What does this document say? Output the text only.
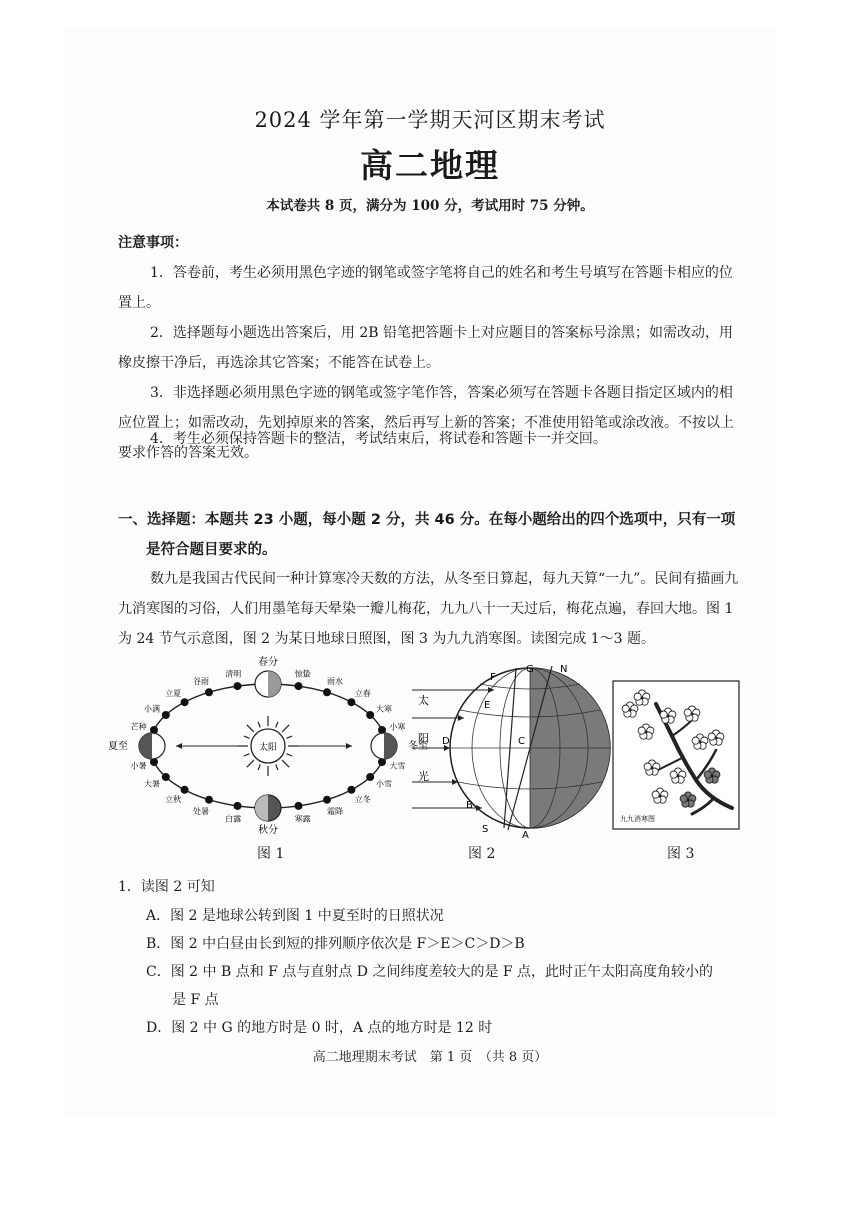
2024 学年第一学期天河区期末考试
高二地理
本试卷共 8 页，满分为 100 分，考试用时 75 分钟。
注意事项：
1．答卷前，考生必须用黑色字迹的钢笔或签字笔将自己的姓名和考生号填写在答题卡相应的位置上。
2．选择题每小题选出答案后，用 2B 铅笔把答题卡上对应题目的答案标号涂黑；如需改动，用橡皮擦干净后，再选涂其它答案；不能答在试卷上。
3．非选择题必须用黑色字迹的钢笔或签字笔作答，答案必须写在答题卡各题目指定区域内的相应位置上；如需改动，先划掉原来的答案，然后再写上新的答案；不准使用铅笔或涂改液。不按以上要求作答的答案无效。
4．考生必须保持答题卡的整洁，考试结束后，将试卷和答题卡一并交回。
一、选择题：本题共 23 小题，每小题 2 分，共 46 分。在每小题给出的四个选项中，只有一项
是符合题目要求的。
数九是我国古代民间一种计算寒冷天数的方法，从冬至日算起，每九天算“一九”。民间有描画九九消寒图的习俗，人们用墨笔每天晕染一瓣儿梅花，九九八十一天过后，梅花点遍，春回大地。图 1 为 24 节气示意图，图 2 为某日地球日照图，图 3 为九九消寒图。读图完成 1～3 题。
太阳
春分
清明
谷雨
立夏
小满
芒种
夏至
小暑
大暑
立秋
处暑
白露
秋分
寒露
霜降
立冬
小雪
大雪
冬至
小寒
大寒
立春
雨水
惊蛰
图 1
太
阳
光
G	N
F
E
D	C
B
S
A
图 2
九九消寒图
图 3
1．读图 2 可知
A．图 2 是地球公转到图 1 中夏至时的日照状况
B．图 2 中白昼由长到短的排列顺序依次是 F＞E＞C＞D＞B
C．图 2 中 B 点和 F 点与直射点 D 之间纬度差较大的是 F 点，此时正午太阳高度角较小的
是 F 点
D．图 2 中 G 的地方时是 0 时，A 点的地方时是 12 时
高二地理期末考试　第 1 页　（共 8 页）
